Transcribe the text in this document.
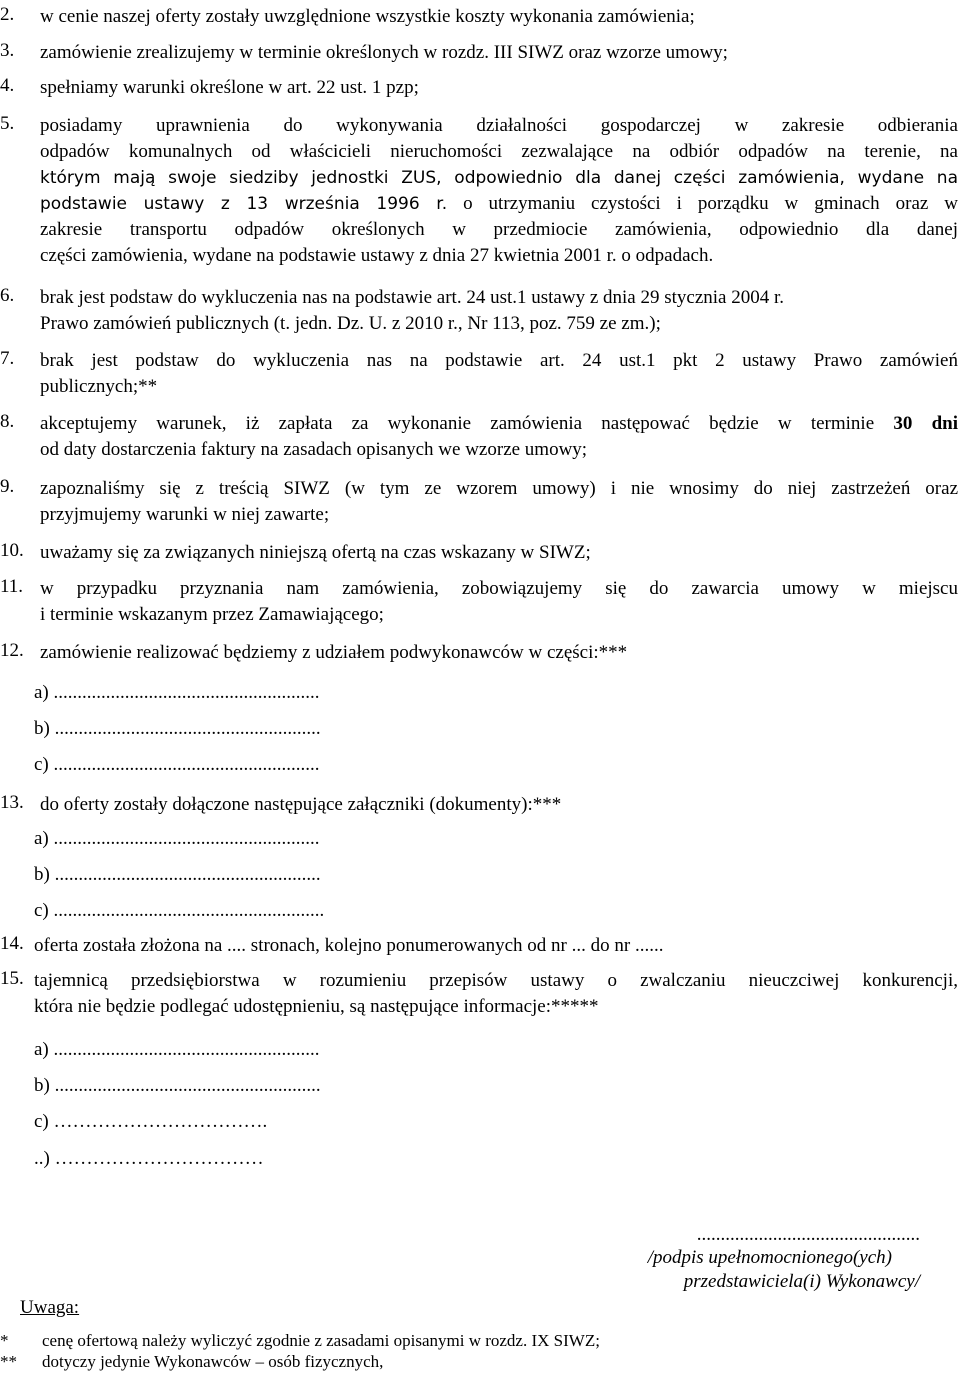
2. w cenie naszej oferty zostały uwzględnione wszystkie koszty wykonania zamówienia;
3. zamówienie zrealizujemy w terminie określonych w rozdz. III SIWZ oraz wzorze umowy;
4. spełniamy warunki określone w art. 22 ust. 1 pzp;
5. posiadamy uprawnienia do wykonywania działalności gospodarczej w zakresie odbierania
odpadów komunalnych od właścicieli nieruchomości zezwalające na odbiór odpadów na terenie, na
którym mają swoje siedziby jednostki ZUS, odpowiednio dla danej części zamówienia, wydane na
podstawie ustawy z 13 września 1996 r. o utrzymaniu czystości i porządku w gminach oraz w
zakresie transportu odpadów określonych w przedmiocie zamówienia, odpowiednio dla danej
części zamówienia, wydane na podstawie ustawy z dnia 27 kwietnia 2001 r. o odpadach.
6. brak jest podstaw do wykluczenia nas na podstawie art. 24 ust.1 ustawy z dnia 29 stycznia 2004 r.
Prawo zamówień publicznych (t. jedn. Dz. U. z 2010 r., Nr 113, poz. 759 ze zm.);
7. brak jest podstaw do wykluczenia nas na podstawie art. 24 ust.1 pkt 2 ustawy Prawo zamówień
publicznych;**
8. akceptujemy warunek, iż zapłata za wykonanie zamówienia następować będzie w terminie 30 dni
od daty dostarczenia faktury na zasadach opisanych we wzorze umowy;
9. zapoznaliśmy się z treścią SIWZ (w tym ze wzorem umowy) i nie wnosimy do niej zastrzeżeń oraz
przyjmujemy warunki w niej zawarte;
10. uważamy się za związanych niniejszą ofertą na czas wskazany w SIWZ;
11. w przypadku przyznania nam zamówienia, zobowiązujemy się do zawarcia umowy w miejscu
i terminie wskazanym przez Zamawiającego;
12. zamówienie realizować będziemy z udziałem podwykonawców w części:***
a) ........................................................
b) ........................................................
c) ........................................................
13. do oferty zostały dołączone następujące załączniki (dokumenty):***
a) ........................................................
b) ........................................................
c) .........................................................
14. oferta została złożona na .... stronach, kolejno ponumerowanych od nr ... do nr ......
15. tajemnicą przedsiębiorstwa w rozumieniu przepisów ustawy o zwalczaniu nieuczciwej konkurencji,
która nie będzie podlegać udostępnieniu, są następujące informacje:*****
a) ........................................................
b) ........................................................
c) …………………………….
..) ……………………………
...............................................
/podpis upełnomocnionego(ych)
przedstawiciela(i) Wykonawcy/
Uwaga:
* cenę ofertową należy wyliczyć zgodnie z zasadami opisanymi w rozdz. IX SIWZ;
** dotyczy jedynie Wykonawców – osób fizycznych,
